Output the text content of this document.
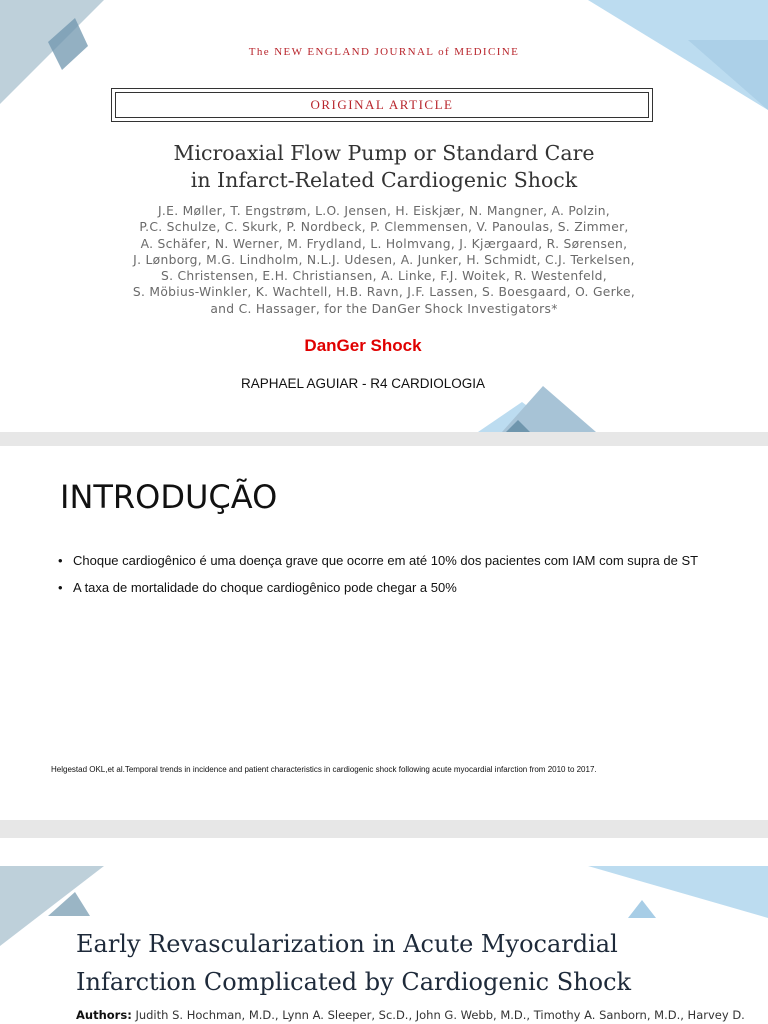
The NEW ENGLAND JOURNAL of MEDICINE
ORIGINAL ARTICLE
Microaxial Flow Pump or Standard Care
in Infarct-Related Cardiogenic Shock
J.E. Møller, T. Engstrøm, L.O. Jensen, H. Eiskjær, N. Mangner, A. Polzin,
P.C. Schulze, C. Skurk, P. Nordbeck, P. Clemmensen, V. Panoulas, S. Zimmer,
A. Schäfer, N. Werner, M. Frydland, L. Holmvang, J. Kjærgaard, R. Sørensen,
J. Lønborg, M.G. Lindholm, N.L.J. Udesen, A. Junker, H. Schmidt, C.J. Terkelsen,
S. Christensen, E.H. Christiansen, A. Linke, F.J. Woitek, R. Westenfeld,
S. Möbius-Winkler, K. Wachtell, H.B. Ravn, J.F. Lassen, S. Boesgaard, O. Gerke,
and C. Hassager, for the DanGer Shock Investigators*
DanGer Shock
RAPHAEL AGUIAR - R4 CARDIOLOGIA
INTRODUÇÃO
• Choque cardiogênico é uma doença grave que ocorre em até 10% dos pacientes com IAM com supra de ST
• A taxa de mortalidade do choque cardiogênico pode chegar a 50%
Helgestad OKL,et al.Temporal trends in incidence and patient characteristics in cardiogenic shock following acute myocardial infarction from 2010 to 2017.
Early Revascularization in Acute Myocardial
Infarction Complicated by Cardiogenic Shock
Authors: Judith S. Hochman, M.D., Lynn A. Sleeper, Sc.D., John G. Webb, M.D., Timothy A. Sanborn, M.D., Harvey D.
